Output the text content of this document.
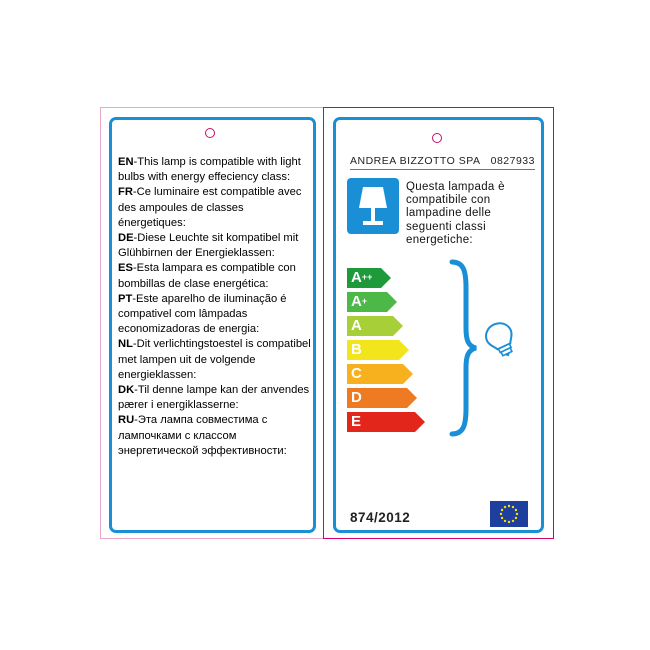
EN-This lamp is compatible with light bulbs with energy effeciency class:
FR-Ce luminaire est compatible avec des ampoules de classes énergetiques:
DE-Diese Leuchte sit kompatibel mit Glühbirnen der Energieklassen:
ES-Esta lampara es compatible con bombillas de clase energética:
PT-Este aparelho de iluminação é compativel com lâmpadas economizadoras de energia:
NL-Dit verlichtingstoestel is compatibel met lampen uit de volgende energieklassen:
DK-Til denne lampe kan der anvendes pærer i energiklasserne:
RU-Эта лампа совместима с лампочками с классом энергетической эффективности:
ANDREA BIZZOTTO SPA 0827933
Questa lampada è compatibile con lampadine delle seguenti classi energetiche:
A++
A+
A
B
C
D
E
874/2012
